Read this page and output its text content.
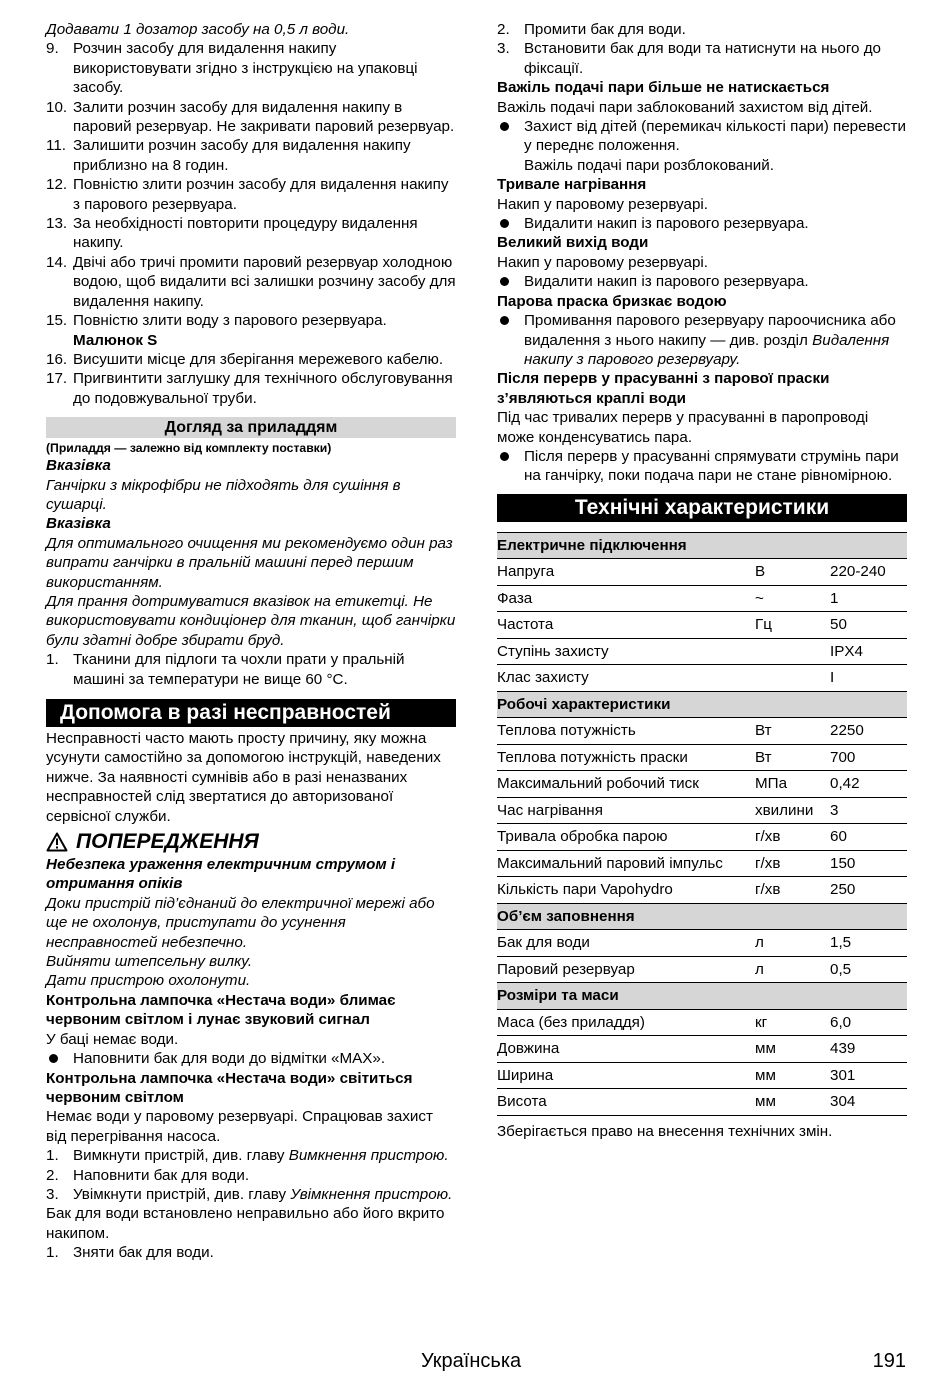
Додавати 1 дозатор засобу на 0,5 л води.

9. Розчин засобу для видалення накипу використовувати згідно з інструкцією на упаковці засобу.
10. Залити розчин засобу для видалення накипу в паровий резервуар. Не закривати паровий резервуар.
11. Залишити розчин засобу для видалення накипу приблизно на 8 годин.
12. Повністю злити розчин засобу для видалення накипу з парового резервуара.
13. За необхідності повторити процедуру видалення накипу.
14. Двічі або тричі промити паровий резервуар холодною водою, щоб видалити всі залишки розчину засобу для видалення накипу.
15. Повністю злити воду з парового резервуара.

Малюнок S

16. Висушити місце для зберігання мережевого кабелю.
17. Пригвинтити заглушку для технічного обслуговування до подовжувальної труби.
Догляд за приладдям

(Приладдя — залежно від комплекту поставки)

Вказівка

Ганчірки з мікрофібри не підходять для сушіння в сушарці.

Вказівка

Для оптимального очищення ми рекомендуємо один раз випрати ганчірки в пральній машині перед першим використанням.

Для прання дотримуватися вказівок на етикетці. Не використовувати кондиціонер для тканин, щоб ганчірки були здатні добре збирати бруд.

1. Тканини для підлоги та чохли прати у пральній машині за температури не вище 60 °C.
Допомога в разі несправностей

Несправності часто мають просту причину, яку можна усунути самостійно за допомогою інструкцій, наведених нижче. За наявності сумнівів або в разі неназваних несправностей слід звертатися до авторизованої сервісної служби.

ПОПЕРЕДЖЕННЯ

Небезпека ураження електричним струмом і отримання опіків

Доки пристрій під’єднаний до електричної мережі або ще не охолонув, приступати до усунення несправностей небезпечно.

Вийняти штепсельну вилку.

Дати пристрою охолонути.

Контрольна лампочка «Нестача води» блимає червоним світлом і лунає звуковий сигнал

У баці немає води.

Наповнити бак для води до відмітки «MAX».

Контрольна лампочка «Нестача води» світиться червоним світлом

Немає води у паровому резервуарі. Спрацював захист від перегрівання насоса.

1. Вимкнути пристрій, див. главу Вимкнення пристрою.
2. Наповнити бак для води.
3. Увімкнути пристрій, див. главу Увімкнення пристрою.

Бак для води встановлено неправильно або його вкрито накипом.

1. Зняти бак для води.
2. Промити бак для води.
3. Встановити бак для води та натиснути на нього до фіксації.

Важіль подачі пари більше не натискається

Важіль подачі пари заблокований захистом від дітей.

Захист від дітей (перемикач кількості пари) перевести у переднє положення.
Важіль подачі пари розблокований.

Тривале нагрівання

Накип у паровому резервуарі.

Видалити накип із парового резервуара.

Великий вихід води

Накип у паровому резервуарі.

Видалити накип із парового резервуара.

Парова праска бризкає водою

Промивання парового резервуару пароочисника або видалення з нього накипу — див. розділ Видалення накипу з парового резервуару.

Після перерв у прасуванні з парової праски з’являються краплі води

Під час тривалих перерв у прасуванні в паропроводі може конденсуватись пара.

Після перерв у прасуванні спрямувати струмінь пари на ганчірку, поки подача пари не стане рівномірною.
Технічні характеристики
Електричне підключення		
Напруга	В	220-240
Фаза	~	1
Частота	Гц	50
Ступінь захисту		IPX4
Клас захисту		I
Робочі характеристики		
Теплова потужність	Вт	2250
Теплова потужність праски	Вт	700
Максимальний робочий тиск	МПа	0,42
Час нагрівання	хвилини	3
Тривала обробка парою	г/хв	60
Максимальний паровий імпульс	г/хв	150
Кількість пари Vapohydro	г/хв	250
Об’єм заповнення		
Бак для води	л	1,5
Паровий резервуар	л	0,5
Розміри та маси		
Маса (без приладдя)	кг	6,0
Довжина	мм	439
Ширина	мм	301
Висота	мм	304

Зберігається право на внесення технічних змін.

Українська	191
